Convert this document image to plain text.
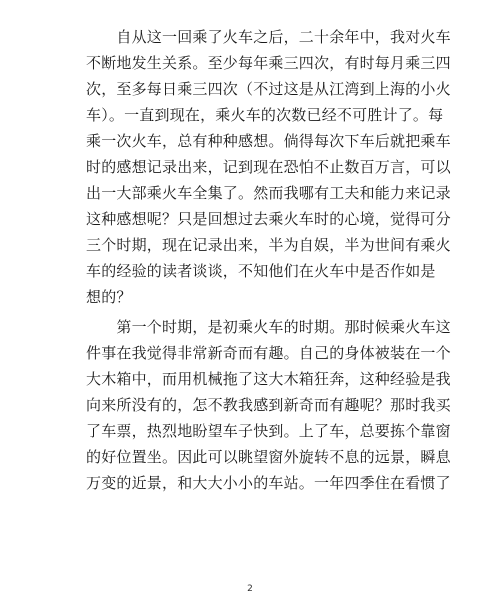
　　自从这一回乘了火车之后，二十余年中，我对火车
不断地发生关系。至少每年乘三四次，有时每月乘三四
次，至多每日乘三四次（不过这是从江湾到上海的小火
车）。一直到现在，乘火车的次数已经不可胜计了。每
乘一次火车，总有种种感想。倘得每次下车后就把乘车
时的感想记录出来，记到现在恐怕不止数百万言，可以
出一大部乘火车全集了。然而我哪有工夫和能力来记录
这种感想呢？只是回想过去乘火车时的心境，觉得可分
三个时期，现在记录出来，半为自娱，半为世间有乘火
车的经验的读者谈谈，不知他们在火车中是否作如是
想的？

　　第一个时期，是初乘火车的时期。那时候乘火车这
件事在我觉得非常新奇而有趣。自己的身体被装在一个
大木箱中，而用机械拖了这大木箱狂奔，这种经验是我
向来所没有的，怎不教我感到新奇而有趣呢？那时我买
了车票，热烈地盼望车子快到。上了车，总要拣个靠窗
的好位置坐。因此可以眺望窗外旋转不息的远景，瞬息
万变的近景，和大大小小的车站。一年四季住在看惯了

2
